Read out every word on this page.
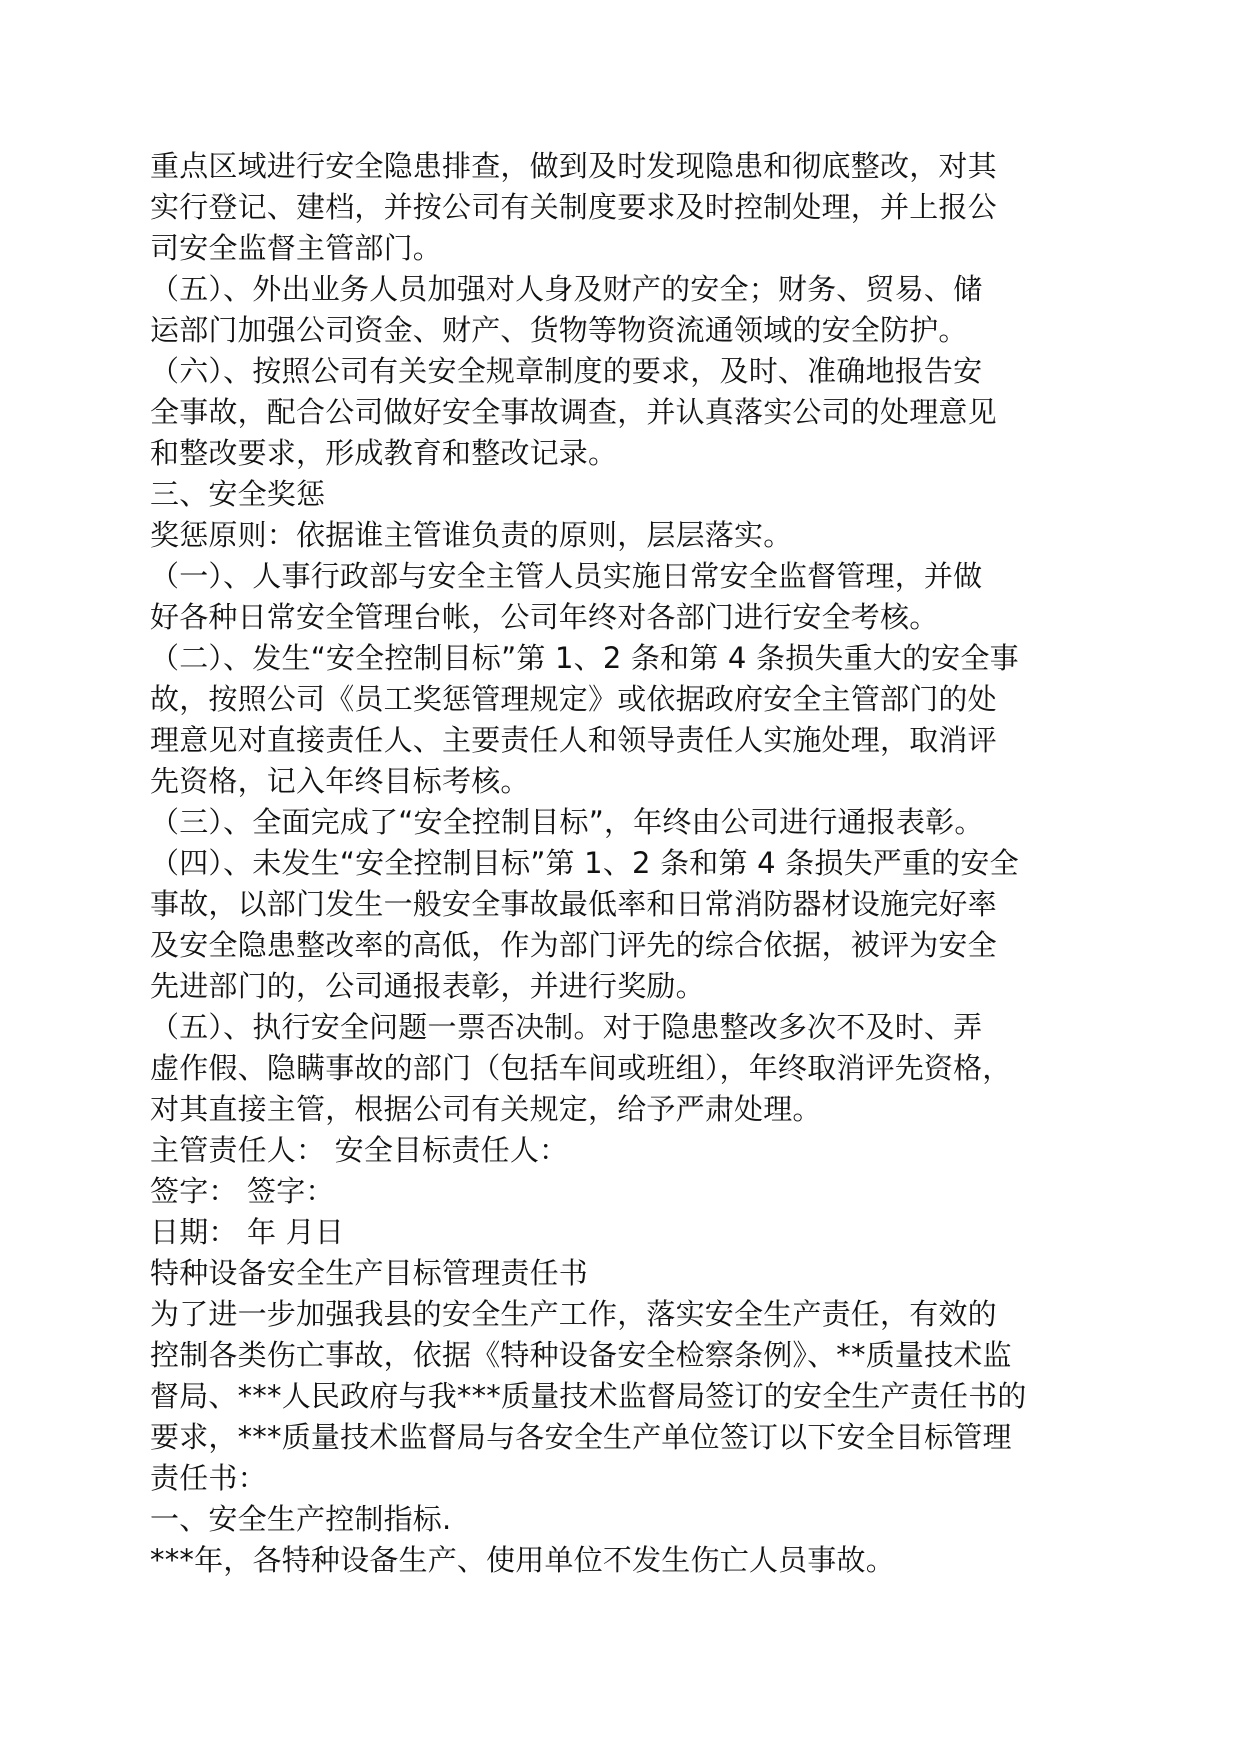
重点区域进行安全隐患排查，做到及时发现隐患和彻底整改，对其
实行登记、建档，并按公司有关制度要求及时控制处理，并上报公
司安全监督主管部门。
（五）、外出业务人员加强对人身及财产的安全；财务、贸易、储
运部门加强公司资金、财产、货物等物资流通领域的安全防护。
（六）、按照公司有关安全规章制度的要求，及时、准确地报告安
全事故，配合公司做好安全事故调查，并认真落实公司的处理意见
和整改要求，形成教育和整改记录。
三、安全奖惩
奖惩原则：依据谁主管谁负责的原则，层层落实。
（一）、人事行政部与安全主管人员实施日常安全监督管理，并做
好各种日常安全管理台帐，公司年终对各部门进行安全考核。
（二）、发生“安全控制目标”第 1、2 条和第 4 条损失重大的安全事
故，按照公司《员工奖惩管理规定》或依据政府安全主管部门的处
理意见对直接责任人、主要责任人和领导责任人实施处理，取消评
先资格，记入年终目标考核。
（三）、全面完成了“安全控制目标”，年终由公司进行通报表彰。
（四）、未发生“安全控制目标”第 1、2 条和第 4 条损失严重的安全
事故，以部门发生一般安全事故最低率和日常消防器材设施完好率
及安全隐患整改率的高低，作为部门评先的综合依据，被评为安全
先进部门的，公司通报表彰，并进行奖励。
（五）、执行安全问题一票否决制。对于隐患整改多次不及时、弄
虚作假、隐瞒事故的部门（包括车间或班组），年终取消评先资格，
对其直接主管，根据公司有关规定，给予严肃处理。
主管责任人： 安全目标责任人：
签字： 签字：
日期： 年 月日
特种设备安全生产目标管理责任书
为了进一步加强我县的安全生产工作，落实安全生产责任，有效的
控制各类伤亡事故，依据《特种设备安全检察条例》、**质量技术监
督局、***人民政府与我***质量技术监督局签订的安全生产责任书的
要求，***质量技术监督局与各安全生产单位签订以下安全目标管理
责任书：
一、安全生产控制指标.
***年，各特种设备生产、使用单位不发生伤亡人员事故。
